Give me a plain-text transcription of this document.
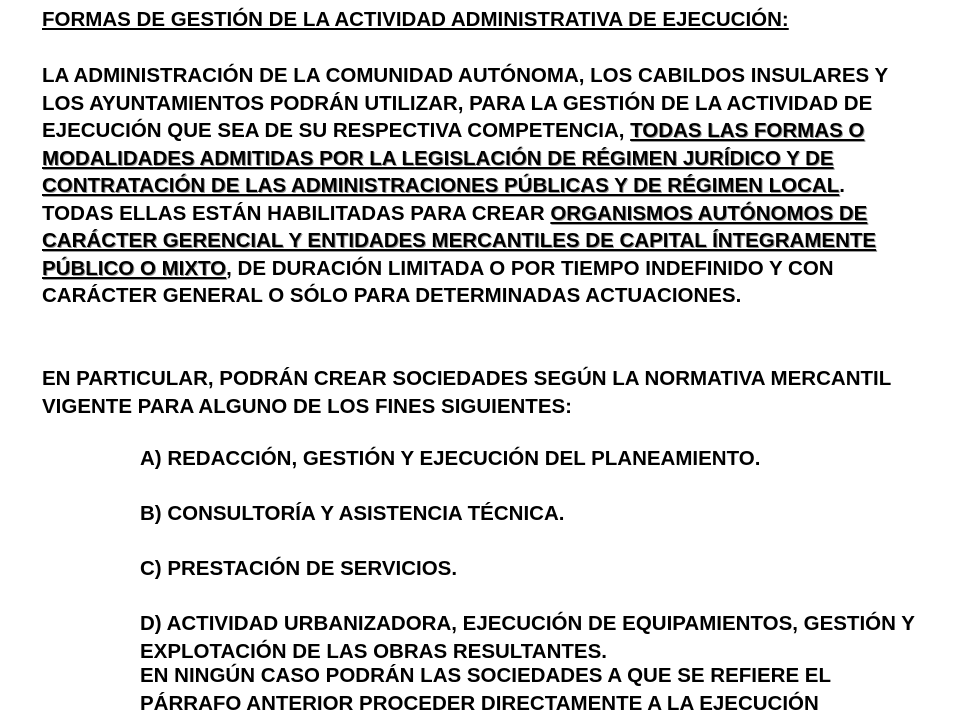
FORMAS DE GESTIÓN DE LA ACTIVIDAD ADMINISTRATIVA DE EJECUCIÓN:
LA ADMINISTRACIÓN DE LA COMUNIDAD AUTÓNOMA, LOS CABILDOS INSULARES Y LOS AYUNTAMIENTOS PODRÁN UTILIZAR, PARA LA GESTIÓN DE LA ACTIVIDAD DE EJECUCIÓN QUE SEA DE SU RESPECTIVA COMPETENCIA, TODAS LAS FORMAS O MODALIDADES ADMITIDAS POR LA LEGISLACIÓN DE RÉGIMEN JURÍDICO Y DE CONTRATACIÓN DE LAS ADMINISTRACIONES PÚBLICAS Y DE RÉGIMEN LOCAL. TODAS ELLAS ESTÁN HABILITADAS PARA CREAR ORGANISMOS AUTÓNOMOS DE CARÁCTER GERENCIAL Y ENTIDADES MERCANTILES DE CAPITAL ÍNTEGRAMENTE PÚBLICO O MIXTO, DE DURACIÓN LIMITADA O POR TIEMPO INDEFINIDO Y CON CARÁCTER GENERAL O SÓLO PARA DETERMINADAS ACTUACIONES.
EN PARTICULAR, PODRÁN CREAR SOCIEDADES SEGÚN LA NORMATIVA MERCANTIL VIGENTE PARA ALGUNO DE LOS FINES SIGUIENTES:
A) REDACCIÓN, GESTIÓN Y EJECUCIÓN DEL PLANEAMIENTO.
B) CONSULTORÍA Y ASISTENCIA TÉCNICA.
C) PRESTACIÓN DE SERVICIOS.
D) ACTIVIDAD URBANIZADORA, EJECUCIÓN DE EQUIPAMIENTOS, GESTIÓN Y EXPLOTACIÓN DE LAS OBRAS RESULTANTES.
EN NINGÚN CASO PODRÁN LAS SOCIEDADES A QUE SE REFIERE EL PÁRRAFO ANTERIOR PROCEDER DIRECTAMENTE A LA EJECUCIÓN
